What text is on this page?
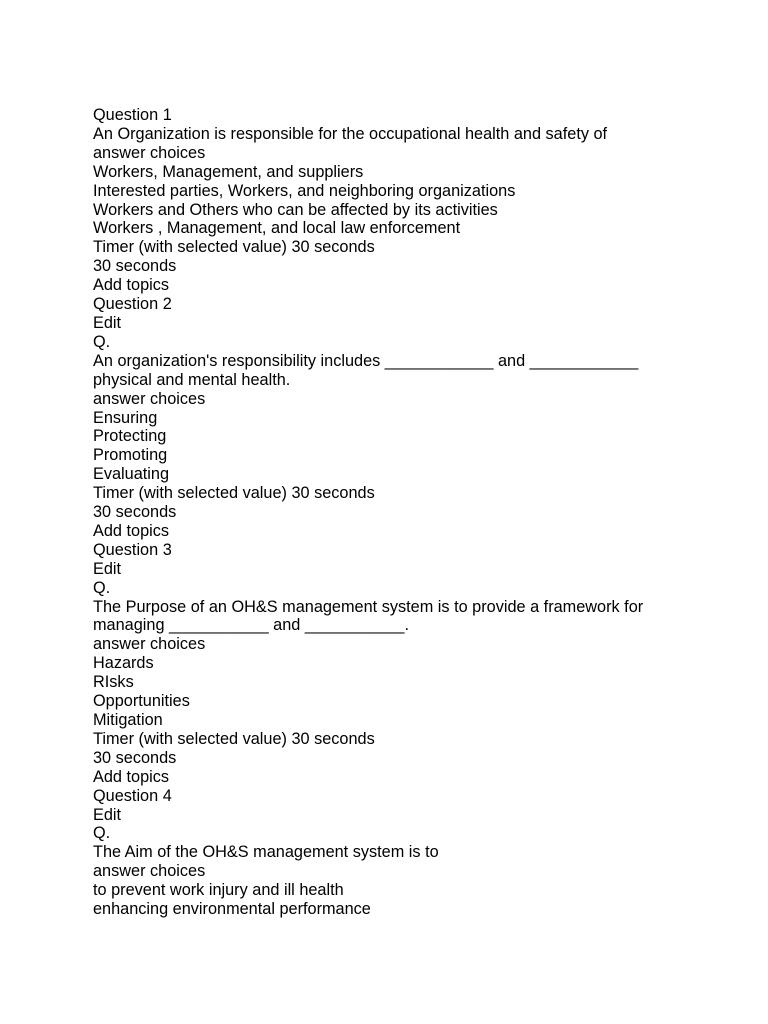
Question 1
An Organization is responsible for the occupational health and safety of
answer choices
Workers, Management, and suppliers
Interested parties, Workers, and neighboring organizations
Workers and Others who can be affected by its activities
Workers , Management, and local law enforcement
Timer (with selected value) 30 seconds
30 seconds
Add topics
Question 2
Edit
Q.
An organization's responsibility includes ____________ and ____________
physical and mental health.
answer choices
Ensuring
Protecting
Promoting
Evaluating
Timer (with selected value) 30 seconds
30 seconds
Add topics
Question 3
Edit
Q.
The Purpose of an OH&S management system is to provide a framework for
managing ___________ and ___________.
answer choices
Hazards
RIsks
Opportunities
Mitigation
Timer (with selected value) 30 seconds
30 seconds
Add topics
Question 4
Edit
Q.
The Aim of the OH&S management system is to
answer choices
to prevent work injury and ill health
enhancing environmental performance
